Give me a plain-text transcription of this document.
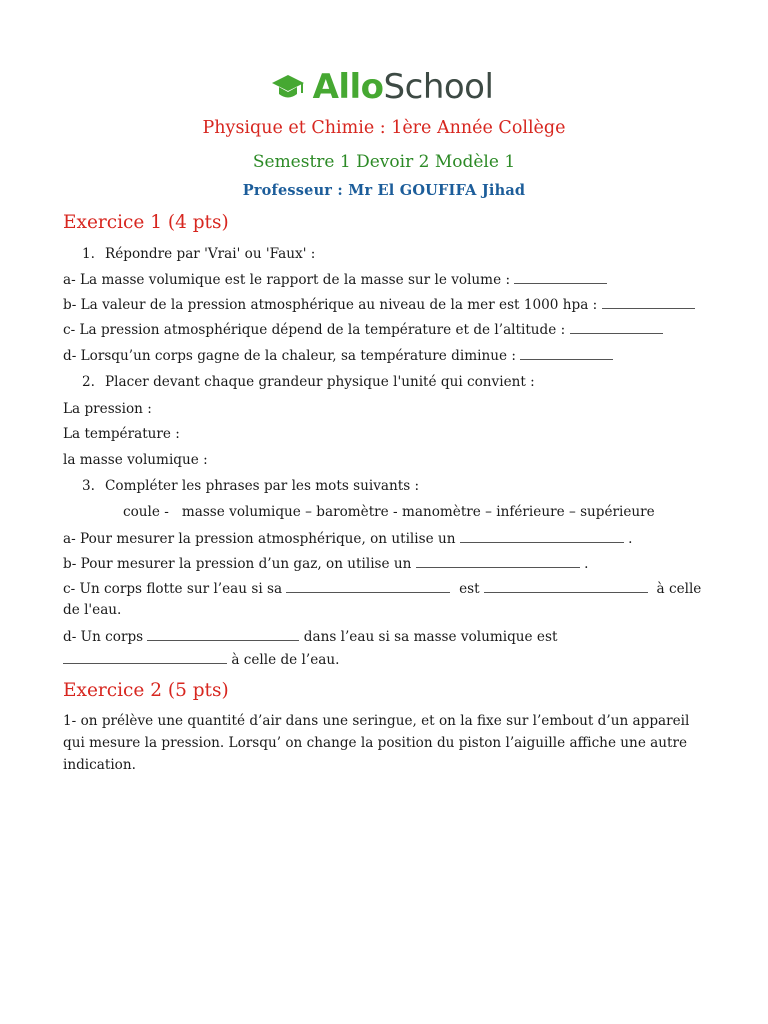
AlloSchool
Physique et Chimie : 1ère Année Collège
Semestre 1 Devoir 2 Modèle 1
Professeur : Mr El GOUFIFA Jihad
Exercice 1 (4 pts)
1. Répondre par 'Vrai' ou 'Faux' :
a- La masse volumique est le rapport de la masse sur le volume :
b- La valeur de la pression atmosphérique au niveau de la mer est 1000 hpa :
c- La pression atmosphérique dépend de la température et de l’altitude :
d- Lorsqu’un corps gagne de la chaleur, sa température diminue :
2. Placer devant chaque grandeur physique l'unité qui convient :
La pression :
La température :
la masse volumique :
3. Compléter les phrases par les mots suivants :
coule -   masse volumique – baromètre - manomètre – inférieure – supérieure
a- Pour mesurer la pression atmosphérique, on utilise un	.
b- Pour mesurer la pression d’un gaz, on utilise un	.
c- Un corps flotte sur l’eau si sa	est	à celle
de l'eau.
d- Un corps	dans l’eau si sa masse volumique est
à celle de l’eau.
Exercice 2 (5 pts)
1- on prélève une quantité d’air dans une seringue, et on la fixe sur l’embout d’un appareil
qui mesure la pression. Lorsqu’ on change la position du piston l’aiguille affiche une autre
indication.
